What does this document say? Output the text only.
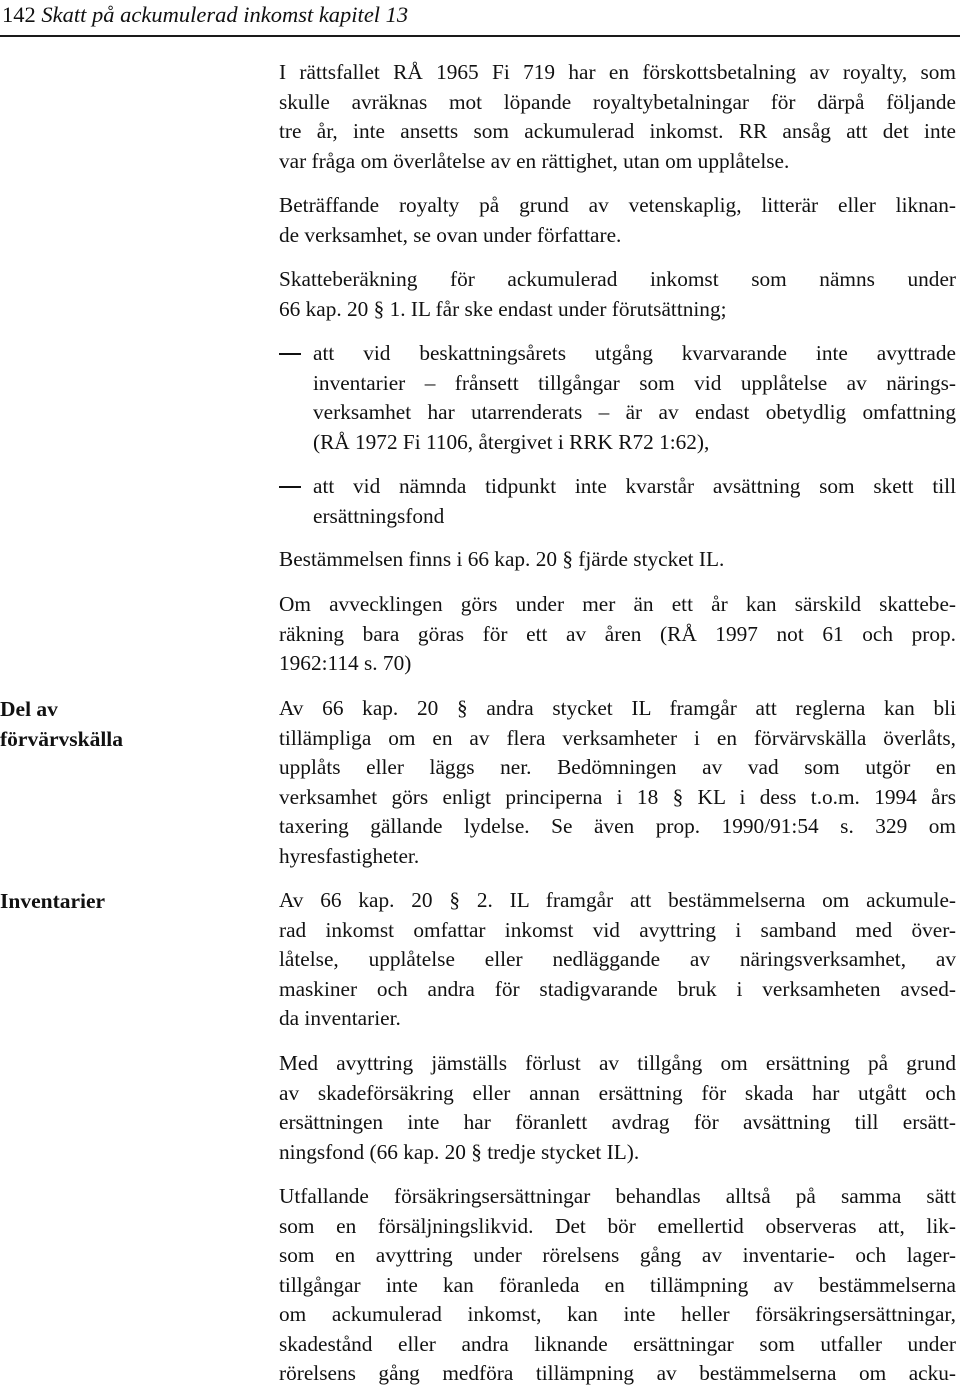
142 Skatt på ackumulerad inkomst kapitel 13
Del av
förvärvskälla
Inventarier
I rättsfallet RÅ 1965 Fi 719 har en förskottsbetalning av royalty, som
skulle avräknas mot löpande royaltybetalningar för därpå följande
tre år, inte ansetts som ackumulerad inkomst. RR ansåg att det inte
var fråga om överlåtelse av en rättighet, utan om upplåtelse.
Beträffande royalty på grund av vetenskaplig, litterär eller liknan-
de verksamhet, se ovan under författare.
Skatteberäkning för ackumulerad inkomst som nämns under
66 kap. 20 § 1. IL får ske endast under förutsättning;
att vid beskattningsårets utgång kvarvarande inte avyttrade
inventarier – frånsett tillgångar som vid upplåtelse av närings-
verksamhet har utarrenderats – är av endast obetydlig omfattning
(RÅ 1972 Fi 1106, återgivet i RRK R72 1:62),
att vid nämnda tidpunkt inte kvarstår avsättning som skett till
ersättningsfond
Bestämmelsen finns i 66 kap. 20 § fjärde stycket IL.
Om avvecklingen görs under mer än ett år kan särskild skattebe-
räkning bara göras för ett av åren (RÅ 1997 not 61 och prop.
1962:114 s. 70)
Av 66 kap. 20 § andra stycket IL framgår att reglerna kan bli
tillämpliga om en av flera verksamheter i en förvärvskälla överlåts,
upplåts eller läggs ner. Bedömningen av vad som utgör en
verksamhet görs enligt principerna i 18 § KL i dess t.o.m. 1994 års
taxering gällande lydelse. Se även prop. 1990/91:54 s. 329 om
hyresfastigheter.
Av 66 kap. 20 § 2. IL framgår att bestämmelserna om ackumule-
rad inkomst omfattar inkomst vid avyttring i samband med över-
låtelse, upplåtelse eller nedläggande av näringsverksamhet, av
maskiner och andra för stadigvarande bruk i verksamheten avsed-
da inventarier.
Med avyttring jämställs förlust av tillgång om ersättning på grund
av skadeförsäkring eller annan ersättning för skada har utgått och
ersättningen inte har föranlett avdrag för avsättning till ersätt-
ningsfond (66 kap. 20 § tredje stycket IL).
Utfallande försäkringsersättningar behandlas alltså på samma sätt
som en försäljningslikvid. Det bör emellertid observeras att, lik-
som en avyttring under rörelsens gång av inventarie- och lager-
tillgångar inte kan föranleda en tillämpning av bestämmelserna
om ackumulerad inkomst, kan inte heller försäkringsersättningar,
skadestånd eller andra liknande ersättningar som utfaller under
rörelsens gång medföra tillämpning av bestämmelserna om acku-
